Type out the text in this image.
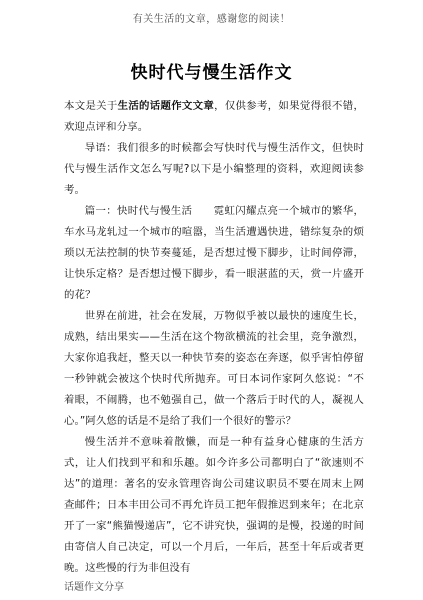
有关生活的文章，感谢您的阅读！
快时代与慢生活作文

本文是关于生活的话题作文文章，仅供参考，如果觉得很不错，欢迎点评和分享。

导语：我们很多的时候都会写快时代与慢生活作文，但快时代与慢生活作文怎么写呢?以下是小编整理的资料，欢迎阅读参考。

篇一：快时代与慢生活　　霓虹闪耀点亮一个城市的繁华，车水马龙轧过一个城市的喧嚣，当生活遭遇快进，错综复杂的烦琐以无法控制的快节奏蔓延，是否想过慢下脚步，让时间停滞，让快乐定格？是否想过慢下脚步，看一眼湛蓝的天，赏一片盛开的花？

世界在前进，社会在发展，万物似乎被以最快的速度生长，成熟，结出果实——生活在这个物欲横流的社会里，竞争激烈，大家你追我赶，整天以一种快节奏的姿态在奔逐，似乎害怕停留一秒钟就会被这个快时代所抛弃。可日本词作家阿久悠说：“不着眼，不闹腾，也不勉强自己，做一个落后于时代的人，凝视人心。”阿久悠的话是不是给了我们一个很好的警示？

慢生活并不意味着散懒，而是一种有益身心健康的生活方式，让人们找到平和和乐趣。如今许多公司都明白了“欲速则不达”的道理：著名的安永管理咨询公司建议职员不要在周末上网查邮件；日本丰田公司不再允许员工把年假推迟到来年；在北京开了一家“熊猫慢递店”，它不讲究快，强调的是慢，投递的时间由寄信人自己决定，可以一个月后，一年后，甚至十年后或者更晚。这些慢的行为非但没有

话题作文分享
